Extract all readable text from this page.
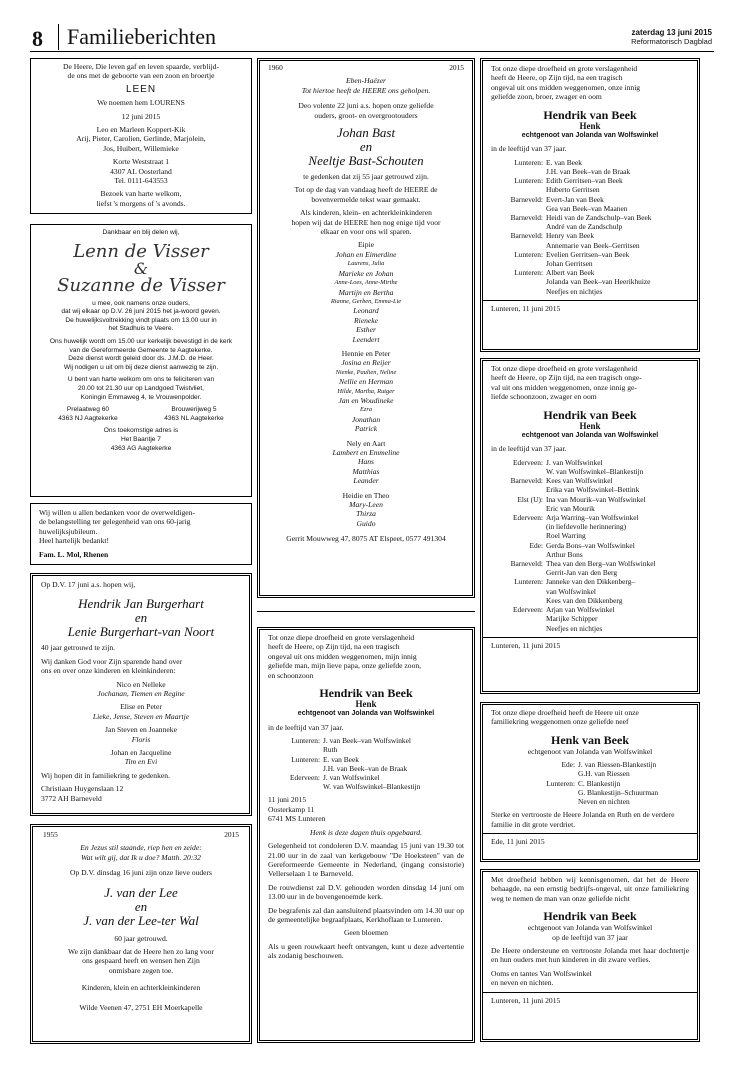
8	Familieberichten	zaterdag 13 juni 2015
Reformatorisch Dagblad
De Heere, Die leven gaf en leven spaarde, verblijd-
de ons met de geboorte van een zoon en broertje
LEEN
We noemen hem LOURENS
12 juni 2015
Leo en Marleen Koppert-Kik
Arij, Pieter, Carolien, Gerlinde, Marjolein,
Jos, Huibert, Willemieke
Korte Weststraat 1
4307 AL Oosterland
Tel. 0111-643553
Bezoek van harte welkom,
liefst 's morgens of 's avonds.
Dankbaar en blij delen wij,
Lenn de Visser
&
Suzanne de Visser
u mee, ook namens onze ouders,
dat wij elkaar op D.V. 26 juni 2015 het ja-woord geven.
De huwelijksvoltrekking vindt plaats om 13.00 uur in
het Stadhuis te Veere.
Ons huwelijk wordt om 15.00 uur kerkelijk bevestigd in de kerk
van de Gereformeerde Gemeente te Aagtekerke.
Deze dienst wordt geleid door ds. J.M.D. de Heer.
Wij nodigen u uit om bij deze dienst aanwezig te zijn.
U bent van harte welkom om ons te feliciteren van
20.00 tot 21.30 uur op Landgoed Twistvliet,
Koningin Emmaweg 4, te Vrouwenpolder.
Prelaatweg 60
4363 NJ Aagtekerke
Brouwerijweg 5
4363 NL Aagtekerke
Ons toekomstige adres is
Het Baantje 7
4363 AG Aagtekerke
Wij willen u allen bedanken voor de overweldigen-
de belangstelling ter gelegenheid van ons 60-jarig
huwelijksjubileum.
Heel hartelijk bedankt!
Fam. L. Mol, Rhenen
Op D.V. 17 juni a.s. hopen wij,
Hendrik Jan Burgerhart
en
Lenie Burgerhart-van Noort
40 jaar getrouwd te zijn.
Wij danken God voor Zijn sparende hand over
ons en over onze kinderen en kleinkinderen:
Nico en Nelleke
Jochanan, Tiemen en Regine
Elise en Peter
Lieke, Jense, Steven en Maartje
Jan Steven en Joanneke
Floris
Johan en Jacqueline
Tim en Evi
Wij hopen dit in familiekring te gedenken.
Christiaan Huygenslaan 12
3772 AH Barneveld
1955	2015
En Jezus stil staande, riep hen en zeide:
Wat wilt gij, dat Ik u doe? Matth. 20:32
Op D.V. dinsdag 16 juni zijn onze lieve ouders
J. van der Lee
en
J. van der Lee-ter Wal
60 jaar getrouwd.
We zijn dankbaar dat de Heere hen zo lang voor
ons gespaard heeft en wensen hen Zijn
onmisbare zegen toe.
Kinderen, klein en achterkleinkinderen
Wilde Veenen 47, 2751 EH Moerkapelle
1960	2015
Eben-Haëzer
Tot hiertoe heeft de HEERE ons geholpen.
Deo volente 22 juni a.s. hopen onze geliefde
ouders, groot- en overgrootouders
Johan Bast
en
Neeltje Bast-Schouten
te gedenken dat zij 55 jaar getrouwd zijn.
Tot op de dag van vandaag heeft de HEERE de
bovenvermelde tekst waar gemaakt.
Als kinderen, klein- en achterkleinkinderen
hopen wij dat de HEERE hen nog enige tijd voor
elkaar en voor ons wil sparen.
Eipie
Johan en Eimerdine
Laurens, Julia
Marieke en Johan
Anne-Loes, Anne-Mirthe
Martijn en Bertha
Rianne, Gerben, Emma-Lie
Leonard
Rieneke
Esther
Leendert
Hennie en Peter
Josina en Reijer
Nienke, Paulien, Neline
Nellie en Herman
Hilde, Martha, Rutger
Jan en Woudineke
Ezra
Jonathan
Patrick
Nely en Aart
Lambert en Emmeline
Hans
Matthias
Leander
Heidie en Theo
Mary-Leen
Thirza
Guido
Gerrit Mouwweg 47, 8075 AT Elspeet, 0577 491304
Tot onze diepe droefheid en grote verslagenheid
heeft de Heere, op Zijn tijd, na een tragisch
ongeval uit ons midden weggenomen, mijn innig
geliefde man, mijn lieve papa, onze geliefde zoon,
en schoonzoon
Hendrik van Beek
Henk
echtgenoot van Jolanda van Wolfswinkel
in de leeftijd van 37 jaar.
Lunteren: J. van Beek–van Wolfswinkel
Ruth
Lunteren: E. van Beek
J.H. van Beek–van de Braak
Ederveen: J. van Wolfswinkel
W. van Wolfswinkel–Blankestijn
11 juni 2015
Oosterkamp 11
6741 MS Lunteren
Henk is deze dagen thuis opgebaard.
Gelegenheid tot condoleren D.V. maandag 15 juni van 19.30 tot 21.00 uur in de zaal van kerkgebouw "De Hoeksteen" van de Gereformeerde Gemeente in Nederland, (ingang consistorie) Vellerselaan 1 te Barneveld.
De rouwdienst zal D.V. gehouden worden dinsdag 14 juni om 13.00 uur in de bovengenoemde kerk.
De begrafenis zal dan aansluitend plaatsvinden om 14.30 uur op de gemeentelijke begraafplaats, Kerkhoflaan te Lunteren.
Geen bloemen
Als u geen rouwkaart heeft ontvangen, kunt u deze advertentie als zodanig beschouwen.
Tot onze diepe droefheid en grote verslagenheid
heeft de Heere, op Zijn tijd, na een tragisch
ongeval uit ons midden weggenomen, onze innig
geliefde zoon, broer, zwager en oom
Hendrik van Beek
Henk
echtgenoot van Jolanda van Wolfswinkel
in de leeftijd van 37 jaar.
Lunteren: E. van Beek
J.H. van Beek–van de Braak
Lunteren: Edith Gerritsen–van Beek
Huberto Gerritsen
Barneveld: Evert-Jan van Beek
Gea van Beek–van Maanen
Barneveld: Heidi van de Zandschulp–van Beek
André van de Zandschulp
Barneveld: Henry van Beek
Annemarie van Beek–Gerritsen
Lunteren: Evelien Gerritsen–van Beek
Johan Gerritsen
Lunteren: Albert van Beek
Jolanda van Beek–van Heerikhuize
Neefjes en nichtjes
Lunteren, 11 juni 2015
Tot onze diepe droefheid en grote verslagenheid
heeft de Heere, op Zijn tijd, na een tragisch onge-
val uit ons midden weggenomen, onze innig ge-
liefde schoonzoon, zwager en oom
Hendrik van Beek
Henk
echtgenoot van Jolanda van Wolfswinkel
in de leeftijd van 37 jaar.
Ederveen: J. van Wolfswinkel
W. van Wolfswinkel–Blankestijn
Barneveld: Kees van Wolfswinkel
Erika van Wolfswinkel–Bettink
Elst (U): Ina van Mourik–van Wolfswinkel
Eric van Mourik
Ederveen: Arja Warring–van Wolfswinkel
(in liefdevolle herinnering)
Roel Warring
Ede: Gerda Bons–van Wolfswinkel
Arthur Bons
Barneveld: Thea van den Berg–van Wolfswinkel
Gerrit-Jan van den Berg
Lunteren: Janneke van den Dikkenberg–
van Wolfswinkel
Kees van den Dikkenberg
Ederveen: Arjan van Wolfswinkel
Marijke Schipper
Neefjes en nichtjes
Lunteren, 11 juni 2015
Tot onze diepe droefheid heeft de Heere uit onze
familiekring weggenomen onze geliefde neef
Henk van Beek
echtgenoot van Jolanda van Wolfswinkel
Ede: J. van Riessen-Blankestijn
G.H. van Riessen
Lunteren: C. Blankestijn
G. Blankestijn–Schuurman
Neven en nichten
Sterke en vertroostе de Heere Jolanda en Ruth en de verdere familie in dit grote verdriet.
Ede, 11 juni 2015
Met droefheid hebben wij kennisgenomen, dat het de Heere behaagde, na een ernstig bedrijfs-ongeval, uit onze familiekring weg te nemen de man van onze geliefde nicht
Hendrik van Beek
echtgenoot van Jolanda van Wolfswinkel
op de leeftijd van 37 jaar
De Heere ondersteune en vertrooste Jolanda met haar dochtertje en hun ouders met hun kinderen in dit zware verlies.
Ooms en tantes Van Wolfswinkel
en neven en nichten.
Lunteren, 11 juni 2015
